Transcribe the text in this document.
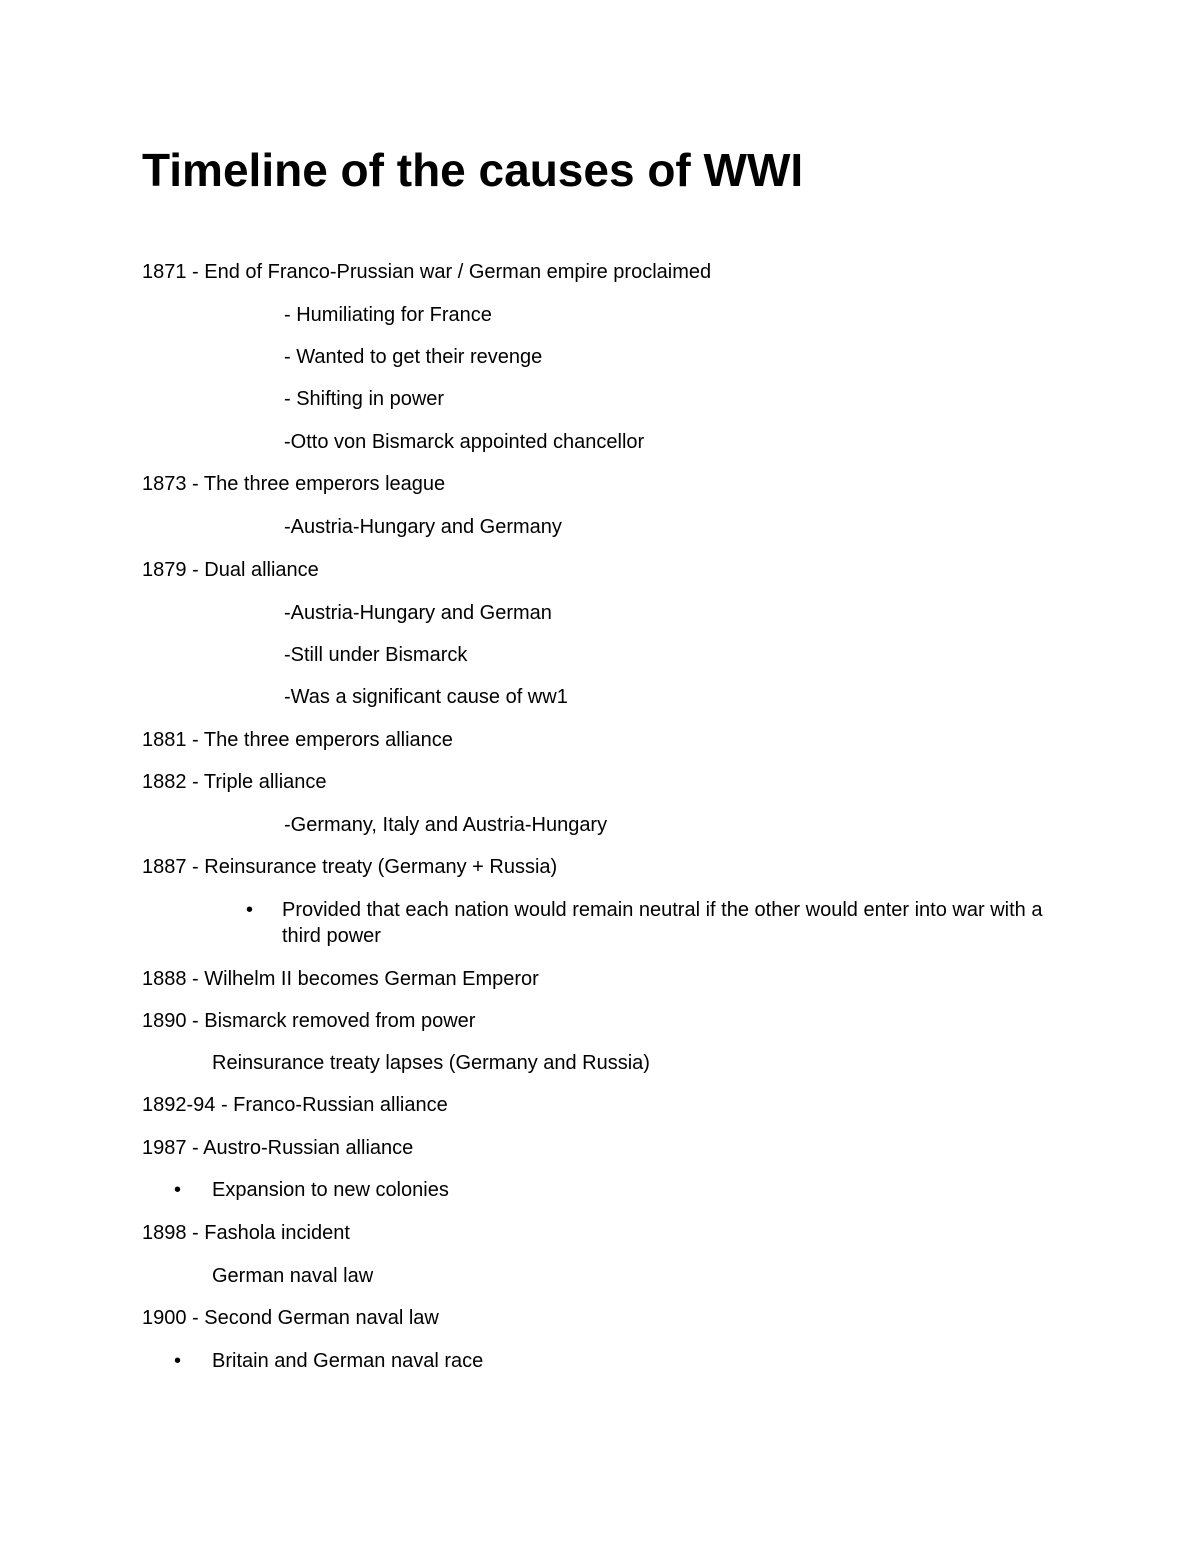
Timeline of the causes of WWI

1871 - End of Franco-Prussian war / German empire proclaimed

- Humiliating for France

- Wanted to get their revenge

- Shifting in power

-Otto von Bismarck appointed chancellor

1873 - The three emperors league

-Austria-Hungary and Germany

1879 - Dual alliance

-Austria-Hungary and German

-Still under Bismarck

-Was a significant cause of ww1

1881 - The three emperors alliance

1882 - Triple alliance

-Germany, Italy and Austria-Hungary

1887 - Reinsurance treaty (Germany + Russia)

• Provided that each nation would remain neutral if the other would enter into war with a third power

1888 - Wilhelm II becomes German Emperor

1890 - Bismarck removed from power

Reinsurance treaty lapses (Germany and Russia)

1892-94 - Franco-Russian alliance

1987 - Austro-Russian alliance

• Expansion to new colonies

1898 - Fashola incident

German naval law

1900 - Second German naval law

• Britain and German naval race
